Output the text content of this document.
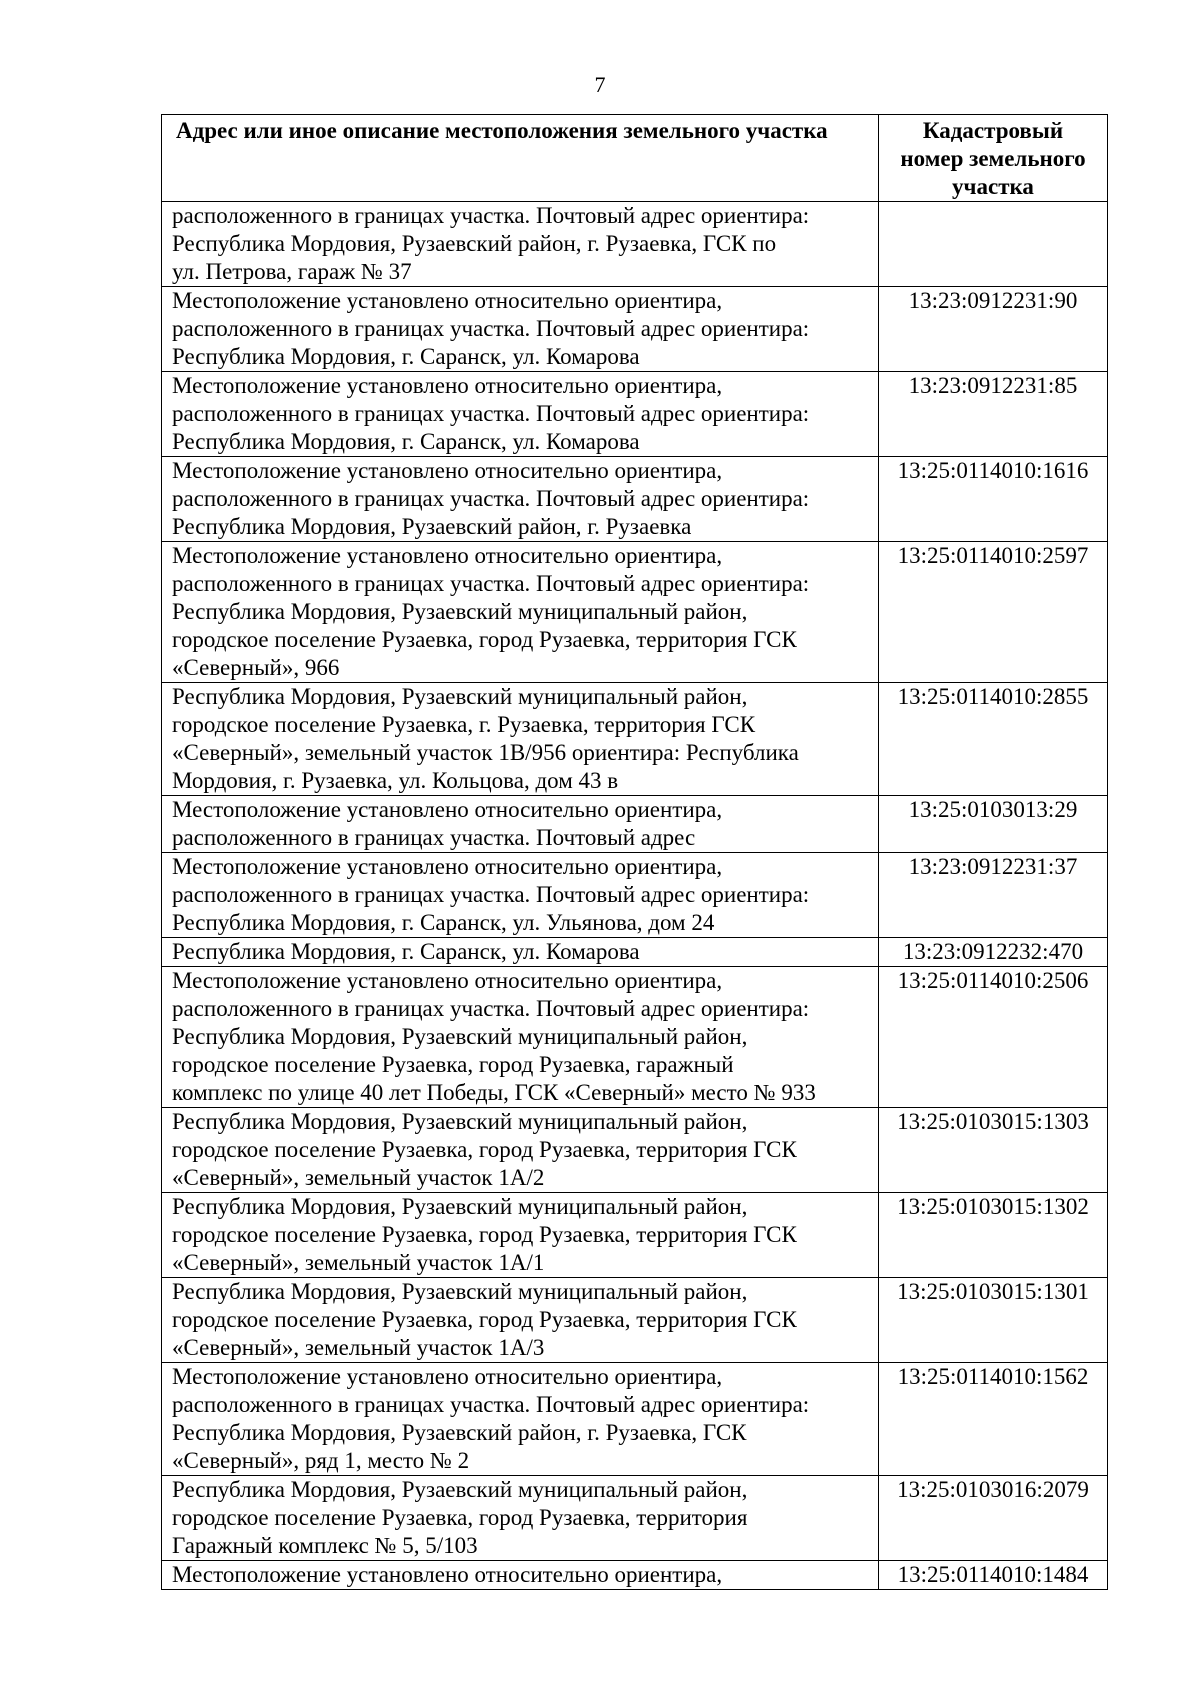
7
Адрес или иное описание местоположения земельного участка	Кадастровый
номер земельного
участка

расположенного в границах участка. Почтовый адрес ориентира:
Республика Мордовия, Рузаевский район, г. Рузаевка, ГСК по
ул. Петрова, гараж № 37	

Местоположение установлено относительно ориентира,
расположенного в границах участка. Почтовый адрес ориентира:
Республика Мордовия, г. Саранск, ул. Комарова	13:23:0912231:90

Местоположение установлено относительно ориентира,
расположенного в границах участка. Почтовый адрес ориентира:
Республика Мордовия, г. Саранск, ул. Комарова	13:23:0912231:85

Местоположение установлено относительно ориентира,
расположенного в границах участка. Почтовый адрес ориентира:
Республика Мордовия, Рузаевский район, г. Рузаевка	13:25:0114010:1616

Местоположение установлено относительно ориентира,
расположенного в границах участка. Почтовый адрес ориентира:
Республика Мордовия, Рузаевский муниципальный район,
городское поселение Рузаевка, город Рузаевка, территория ГСК
«Северный», 966	13:25:0114010:2597

Республика Мордовия, Рузаевский муниципальный район,
городское поселение Рузаевка, г. Рузаевка, территория ГСК
«Северный», земельный участок 1В/956 ориентира: Республика
Мордовия, г. Рузаевка, ул. Кольцова, дом 43 в	13:25:0114010:2855

Местоположение установлено относительно ориентира,
расположенного в границах участка. Почтовый адрес	13:25:0103013:29

Местоположение установлено относительно ориентира,
расположенного в границах участка. Почтовый адрес ориентира:
Республика Мордовия, г. Саранск, ул. Ульянова, дом 24	13:23:0912231:37

Республика Мордовия, г. Саранск, ул. Комарова	13:23:0912232:470

Местоположение установлено относительно ориентира,
расположенного в границах участка. Почтовый адрес ориентира:
Республика Мордовия, Рузаевский муниципальный район,
городское поселение Рузаевка, город Рузаевка, гаражный
комплекс по улице 40 лет Победы, ГСК «Северный» место № 933	13:25:0114010:2506

Республика Мордовия, Рузаевский муниципальный район,
городское поселение Рузаевка, город Рузаевка, территория ГСК
«Северный», земельный участок 1А/2	13:25:0103015:1303

Республика Мордовия, Рузаевский муниципальный район,
городское поселение Рузаевка, город Рузаевка, территория ГСК
«Северный», земельный участок 1А/1	13:25:0103015:1302

Республика Мордовия, Рузаевский муниципальный район,
городское поселение Рузаевка, город Рузаевка, территория ГСК
«Северный», земельный участок 1А/3	13:25:0103015:1301

Местоположение установлено относительно ориентира,
расположенного в границах участка. Почтовый адрес ориентира:
Республика Мордовия, Рузаевский район, г. Рузаевка, ГСК
«Северный», ряд 1, место № 2	13:25:0114010:1562

Республика Мордовия, Рузаевский муниципальный район,
городское поселение Рузаевка, город Рузаевка, территория
Гаражный комплекс № 5, 5/103	13:25:0103016:2079

Местоположение установлено относительно ориентира,	13:25:0114010:1484
